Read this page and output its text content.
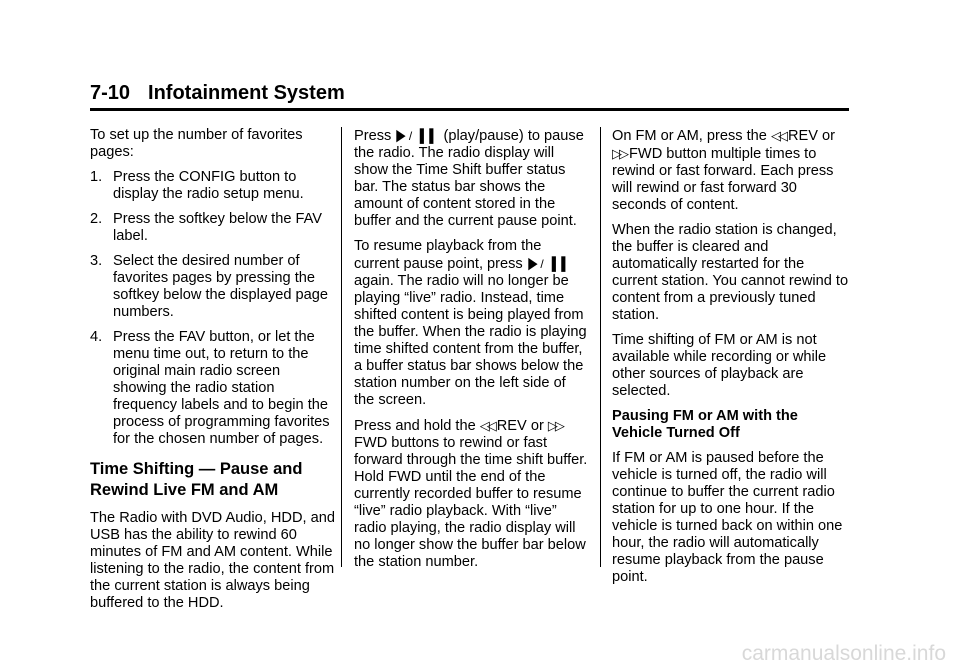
7-10 Infotainment System

To set up the number of favorites pages:

1. Press the CONFIG button to display the radio setup menu.
2. Press the softkey below the FAV label.
3. Select the desired number of favorites pages by pressing the softkey below the displayed page numbers.
4. Press the FAV button, or let the menu time out, to return to the original main radio screen showing the radio station frequency labels and to begin the process of programming favorites for the chosen number of pages.
Time Shifting — Pause and Rewind Live FM and AM

The Radio with DVD Audio, HDD, and USB has the ability to rewind 60 minutes of FM and AM content. While listening to the radio, the content from the current station is always being buffered to the HDD.

Press ▶ / ❚❚ (play/pause) to pause the radio. The radio display will show the Time Shift buffer status bar. The status bar shows the amount of content stored in the buffer and the current pause point.

To resume playback from the current pause point, press ▶ / ❚❚ again. The radio will no longer be playing “live” radio. Instead, time shifted content is being played from the buffer. When the radio is playing time shifted content from the buffer, a buffer status bar shows below the station number on the left side of the screen.

Press and hold the ◁◁ REV or ▷▷ FWD buttons to rewind or fast forward through the time shift buffer. Hold FWD until the end of the currently recorded buffer to resume “live” radio playback. With “live” radio playing, the radio display will no longer show the buffer bar below the station number.

On FM or AM, press the ◁◁ REV or ▷▷ FWD button multiple times to rewind or fast forward. Each press will rewind or fast forward 30 seconds of content.

When the radio station is changed, the buffer is cleared and automatically restarted for the current station. You cannot rewind to content from a previously tuned station.

Time shifting of FM or AM is not available while recording or while other sources of playback are selected.

Pausing FM or AM with the Vehicle Turned Off

If FM or AM is paused before the vehicle is turned off, the radio will continue to buffer the current radio station for up to one hour. If the vehicle is turned back on within one hour, the radio will automatically resume playback from the pause point.

carmanualsonline.info
